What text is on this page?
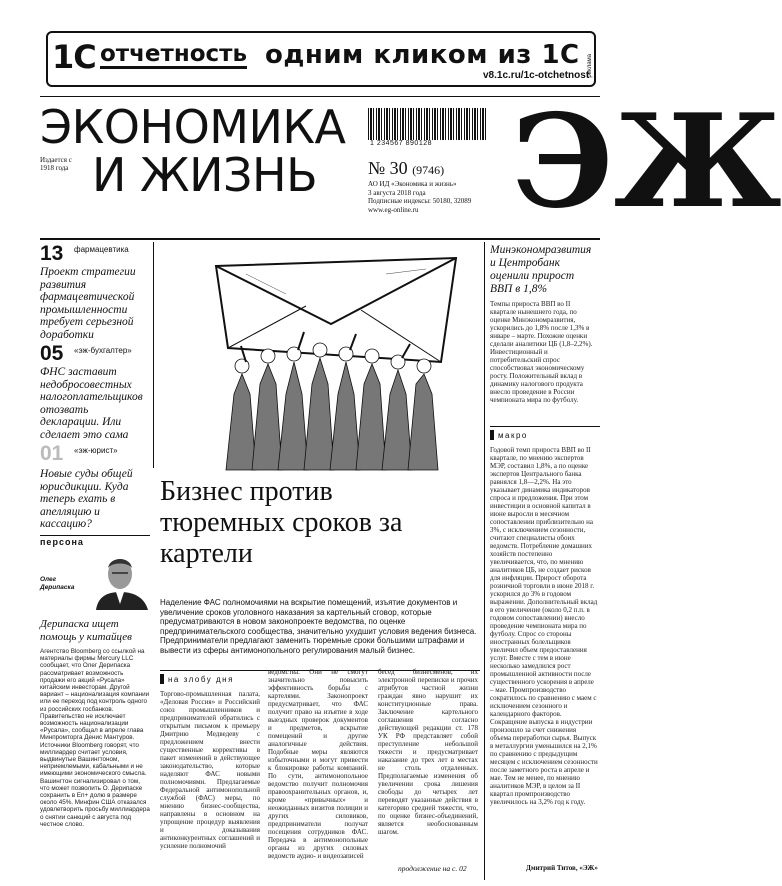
1С отчетность одним кликом из 1С
v8.1c.ru/1c-otchetnost
реклама
ЭКОНОМИКА
И ЖИЗНЬ
Издается с 1918 года
1 234567 890128
№ 30 (9746)
АО ИД «Экономика и жизнь»
3 августа 2018 года
Подписные индексы: 50180, 32089
www.eg-online.ru ЭЖ
13 фармацевтика
Проект стратегии развития фармацевтической промышленности требует серьезной доработки
05 «эж-бухгалтер»
ФНС заставит недобросовестных налогоплательщиков отозвать декларации. Или сделает это сама
01 «эж-юрист»
Новые суды общей юрисдикции. Куда теперь ехать в апелляцию и кассацию?
персона
Олег Дерипаска
Дерипаска ищет помощь у китайцев
Агентство Bloomberg со ссылкой на материалы фирмы Mercury LLC сообщает, что Олег Дерипаска рассматривает возможность продажи его акций «Русала» китайским инвесторам. Другой вариант – национализация компании или ее переход под контроль одного из российских госбанков. Правительство не исключает возможность национализации «Русала», сообщал в апреле глава Минпромторга Денис Мантуров. Источники Bloomberg говорят, что миллиардер считает условия, выдвинутые Вашингтоном, неприемлемыми, кабальными и не имеющими экономического смысла. Вашингтон сигнализировал о том, что может позволить О. Дерипаске сохранить в Еn+ долю в размере около 45%. Минфин США отказался удовлетворить просьбу миллиардера о снятии санкций с августа под честное слово.
Бизнес против тюремных сроков за картели
Наделение ФАС полномочиями на вскрытие помещений, изъятие документов и увеличение сроков уголовного наказания за картельный сговор, которые предусматриваются в новом законопроекте ведомства, по оценке предпринимательского сообщества, значительно ухудшит условия ведения бизнеса. Предприниматели предлагают заменить тюремные сроки большими штрафами и вывести из сферы антимонопольного регулирования малый бизнес.
на злобу дня
Торгово-промышленная палата, «Деловая Россия» и Российский союз промышленников и предпринимателей обратились с открытым письмом к премьеру Дмитрию Медведеву с предложением внести существенные коррективы в пакет изменений в действующее законодательство, которые наделяют ФАС новыми полномочиями. Предлагаемые Федеральной антимонопольной службой (ФАС) меры, по мнению бизнес-сообщества, направлены в основном на упрощение процедур выявления и доказывания антиконкурентных соглашений и усиление полномочий
ведомства. Они не смогут значительно повысить эффективность борьбы с картелями. Законопроект предусматривает, что ФАС получит право на изъятие в ходе выездных проверок документов и предметов, вскрытие помещений и другие аналогичные действия. Подобные меры являются избыточными и могут привести к блокировке работы компаний. По сути, антимонопольное ведомство получит полномочия правоохранительных органов, и, кроме «привычных» и неожиданных визитов полиции и других силовиков, предприниматели получат посещения сотрудников ФАС. Передача в антимонопольные органы из других силовых ведомств аудио- и видеозаписей
бесед бизнесменов, их электронной переписки и прочих атрибутов частной жизни граждан явно нарушит их конституционные права. Заключение картельного соглашения согласно действующей редакции ст. 178 УК РФ представляет собой преступление небольшой тяжести и предусматривает наказание до трех лет в местах не столь отдаленных. Предполагаемые изменения об увеличении срока лишения свободы до четырех лет переводят указанные действия в категорию средней тяжести, что, по оценке бизнес-объединений, является необоснованным шагом.
продолжение на с. 02
Минэкономразвития и Центробанк оценили прирост ВВП в 1,8%
Темпы прироста ВВП во II квартале нынешнего года, по оценке Минэкономразвития, ускорились до 1,8% после 1,3% в январе – марте. Похожие оценки сделали аналитики ЦБ (1,8–2,2%). Инвестиционный и потребительский спрос способствовал экономическому росту. Положительный вклад в динамику налогового продукта внесло проведение в России чемпионата мира по футболу.
макро
Годовой темп прироста ВВП во II квартале, по мнению экспертов МЭР, составил 1,8%, а по оценке экспертов Центрального банка равнялся 1,8—2,2%. На это указывает динамика индикаторов спроса и предложения. При этом инвестиции в основной капитал в июне выросли в месячном сопоставлении приблизительно на 3%, с исключением сезонности, считают специалисты обоих ведомств. Потребление домашних хозяйств постепенно увеличивается, что, по мнению аналитиков ЦБ, не создает рисков для инфляции. Прирост оборота розничной торговли в июне 2018 г. ускорился до 3% в годовом выражении. Дополнительный вклад в его увеличение (около 0,2 п.п. в годовом сопоставлении) внесло проведение чемпионата мира по футболу. Спрос со стороны иностранных болельщиков увеличил объем предоставления услуг. Вместе с тем в июне несколько замедлился рост промышленной активности после существенного ускорения в апреле – мае. Промпроизводство сократилось по сравнению с маем с исключением сезонного и календарного факторов. Сокращение выпуска в индустрии произошло за счет снижения объема переработки сырья. Выпуск в металлургии уменьшился на 2,1% по сравнению с предыдущим месяцем с исключением сезонности после заметного роста в апреле и мае. Тем не менее, по мнению аналитиков МЭР, в целом за II квартал промпроизводство увеличилось на 3,2% год к году.
Дмитрий Титов, «ЭЖ»
